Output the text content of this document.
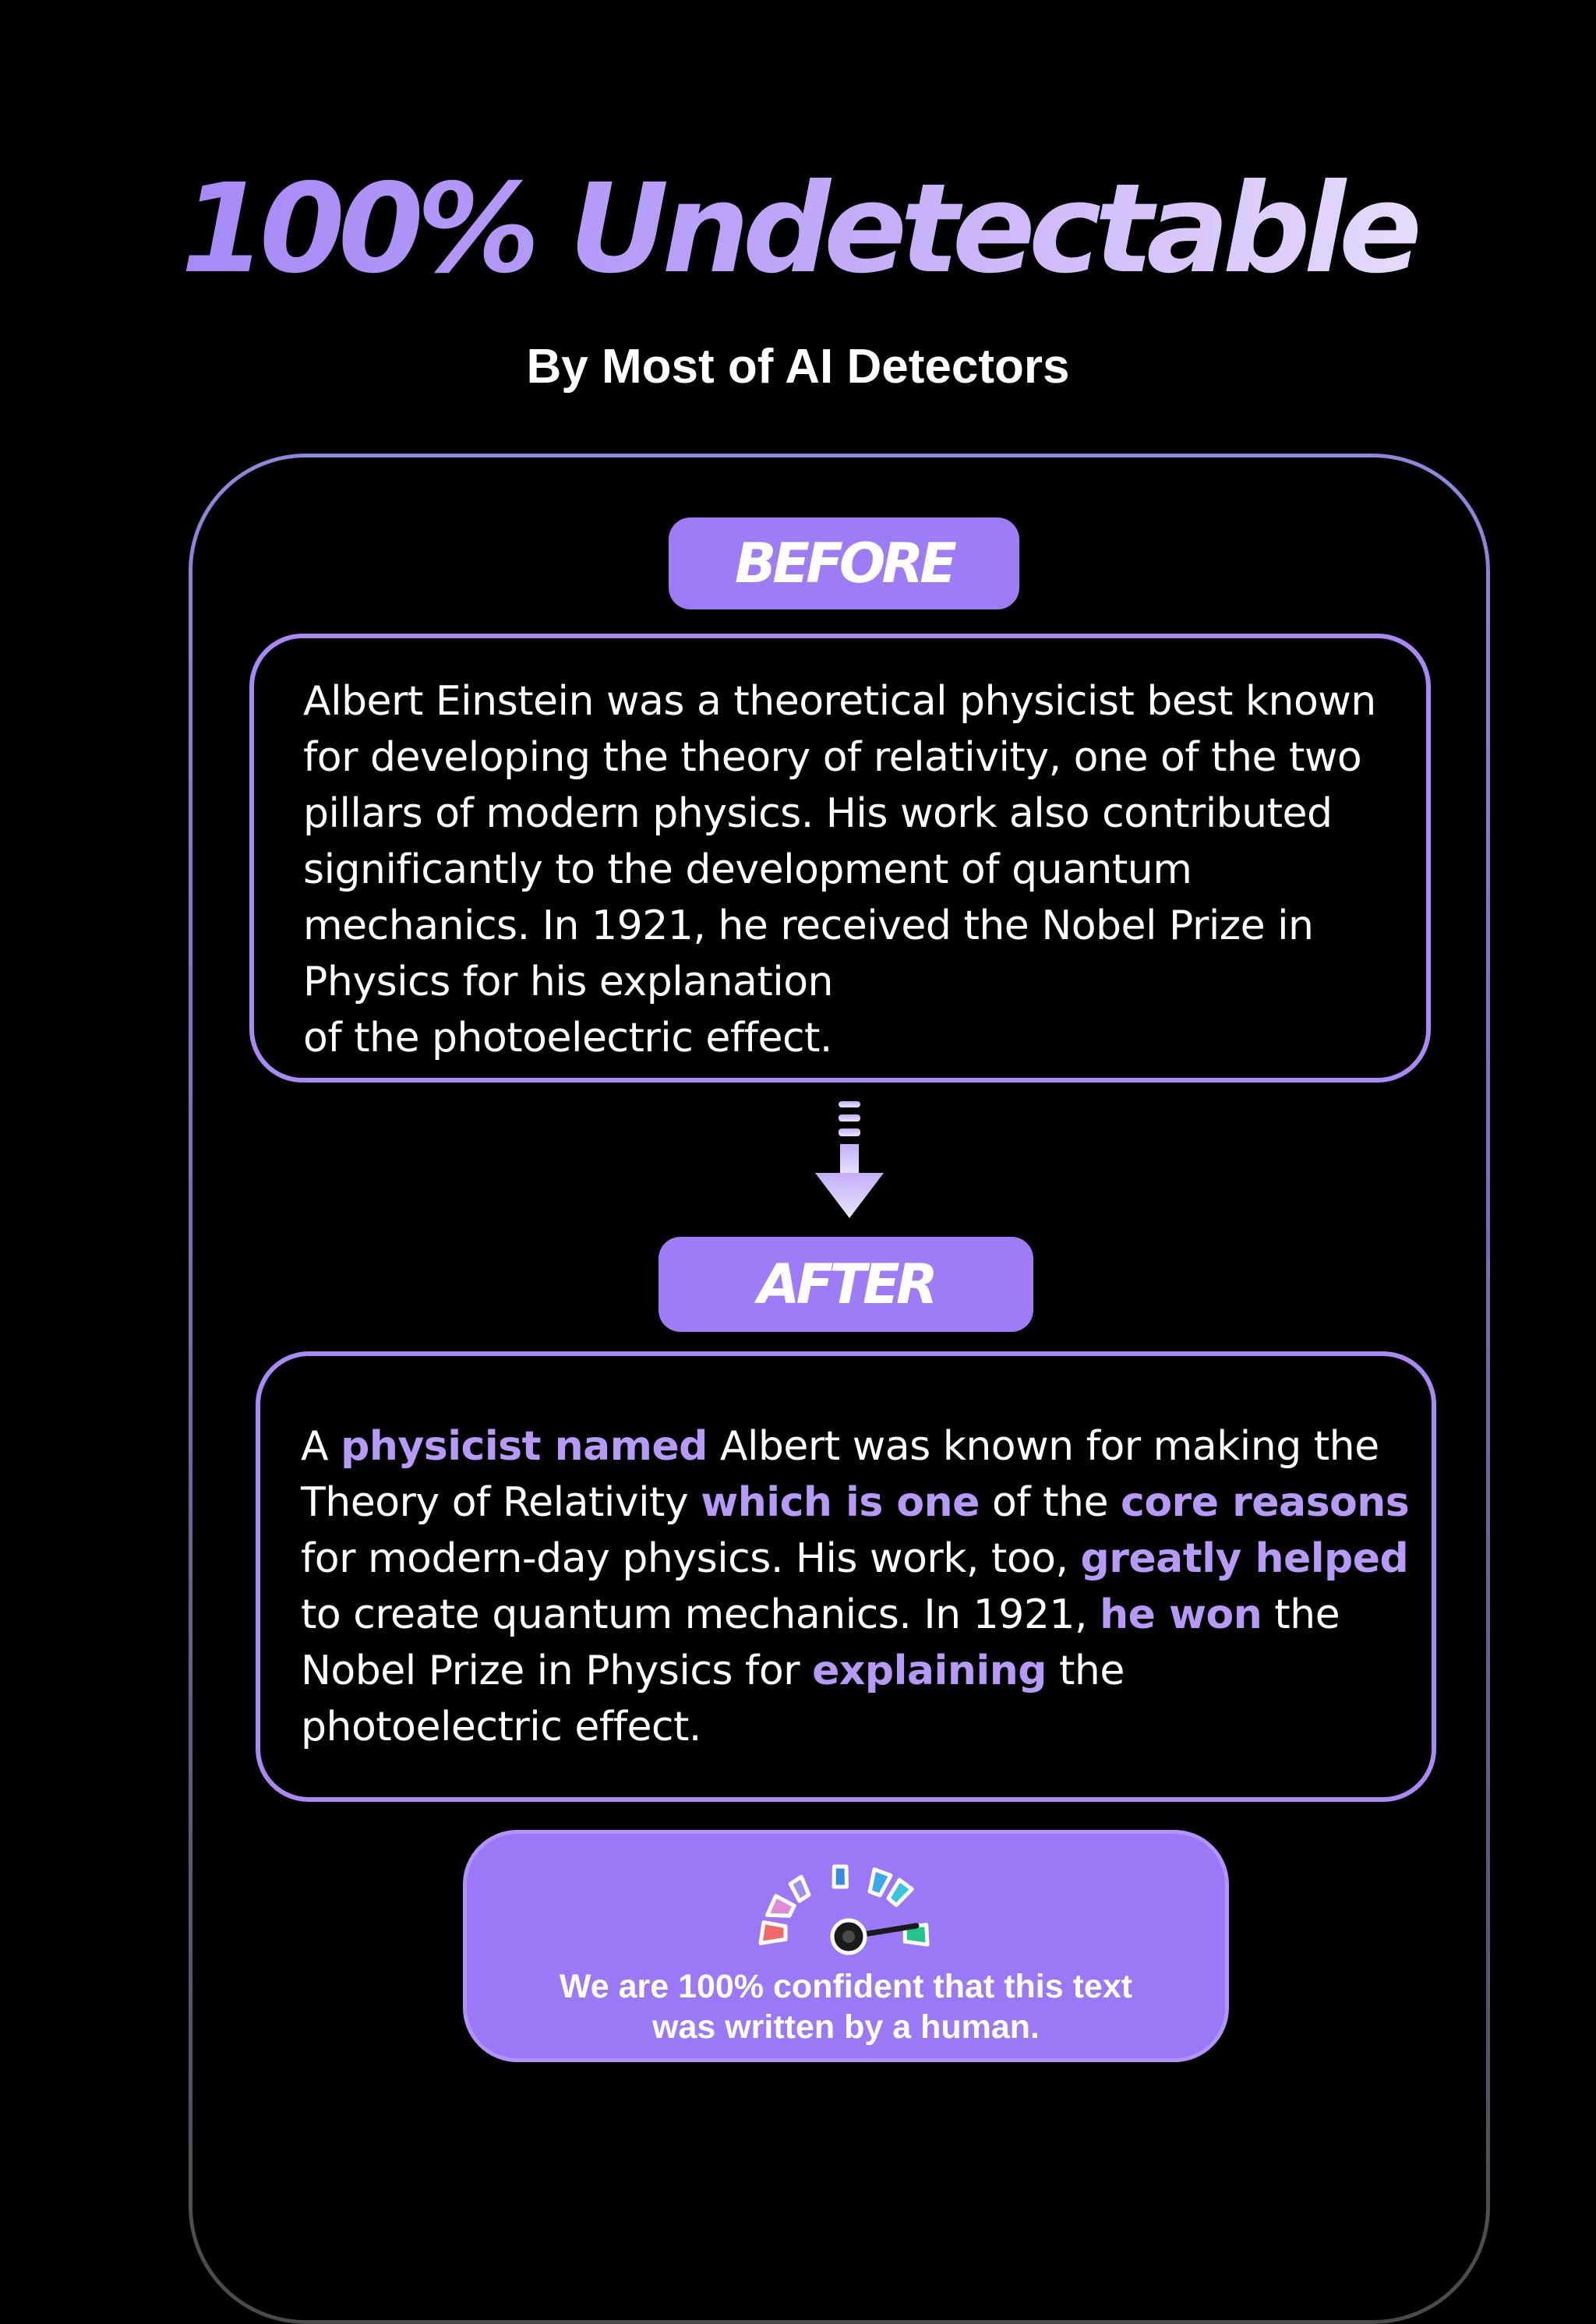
100% Undetectable
By Most of AI Detectors
BEFORE
Albert Einstein was a theoretical physicist best known
for developing the theory of relativity, one of the two
pillars of modern physics. His work also contributed
significantly to the development of quantum
mechanics. In 1921, he received the Nobel Prize in
Physics for his explanation
of the photoelectric effect.
AFTER
A physicist named Albert was known for making the
Theory of Relativity which is one of the core reasons
for modern-day physics. His work, too, greatly helped
to create quantum mechanics. In 1921, he won the
Nobel Prize in Physics for explaining the
photoelectric effect.
We are 100% confident that this text
was written by a human.
